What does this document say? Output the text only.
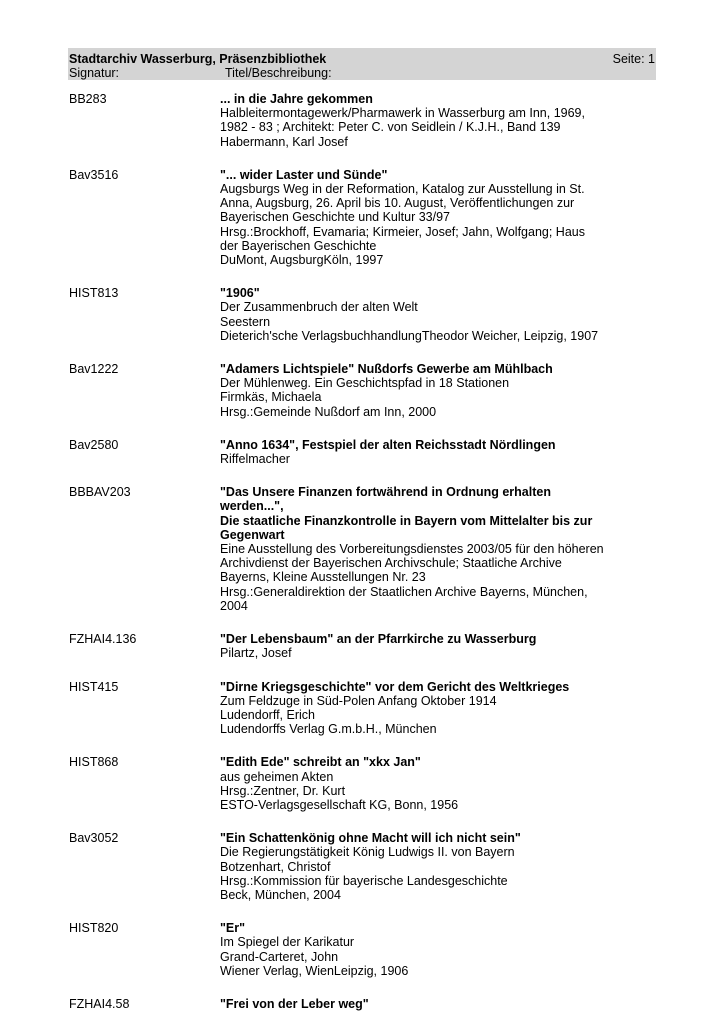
Stadtarchiv Wasserburg, Präsenzbibliothek	Seite: 1
Signatur:	Titel/Beschreibung:
BB283	... in die Jahre gekommen
Halbleitermontagewerk/Pharmawerk in Wasserburg am Inn, 1969,
1982 - 83 ; Architekt: Peter C. von Seidlein / K.J.H., Band 139
Habermann, Karl Josef
Bav3516	"... wider Laster und Sünde"
Augsburgs Weg in der Reformation, Katalog zur Ausstellung in St.
Anna, Augsburg, 26. April bis 10. August, Veröffentlichungen zur
Bayerischen Geschichte und Kultur 33/97
Hrsg.:Brockhoff, Evamaria; Kirmeier, Josef; Jahn, Wolfgang; Haus
der Bayerischen Geschichte
DuMont, AugsburgKöln, 1997
HIST813	"1906"
Der Zusammenbruch der alten Welt
Seestern
Dieterich'sche VerlagsbuchhandlungTheodor Weicher, Leipzig, 1907
Bav1222	"Adamers Lichtspiele" Nußdorfs Gewerbe am Mühlbach
Der Mühlenweg. Ein Geschichtspfad in 18 Stationen
Firmkäs, Michaela
Hrsg.:Gemeinde Nußdorf am Inn, 2000
Bav2580	"Anno 1634", Festspiel der alten Reichsstadt Nördlingen
Riffelmacher
BBBAV203	"Das Unsere Finanzen fortwährend in Ordnung erhalten
werden...",
Die staatliche Finanzkontrolle in Bayern vom Mittelalter bis zur
Gegenwart
Eine Ausstellung des Vorbereitungsdienstes 2003/05 für den höheren
Archivdienst der Bayerischen Archivschule; Staatliche Archive
Bayerns, Kleine Ausstellungen Nr. 23
Hrsg.:Generaldirektion der Staatlichen Archive Bayerns, München,
2004
FZHAI4.136	"Der Lebensbaum" an der Pfarrkirche zu Wasserburg
Pilartz, Josef
HIST415	"Dirne Kriegsgeschichte" vor dem Gericht des Weltkrieges
Zum Feldzuge in Süd-Polen Anfang Oktober 1914
Ludendorff, Erich
Ludendorffs Verlag G.m.b.H., München
HIST868	"Edith Ede" schreibt an "xkx Jan"
aus geheimen Akten
Hrsg.:Zentner, Dr. Kurt
ESTO-Verlagsgesellschaft KG, Bonn, 1956
Bav3052	"Ein Schattenkönig ohne Macht will ich nicht sein"
Die Regierungstätigkeit König Ludwigs II. von Bayern
Botzenhart, Christof
Hrsg.:Kommission für bayerische Landesgeschichte
Beck, München, 2004
HIST820	"Er"
Im Spiegel der Karikatur
Grand-Carteret, John
Wiener Verlag, WienLeipzig, 1906
FZHAI4.58	"Frei von der Leber weg"
